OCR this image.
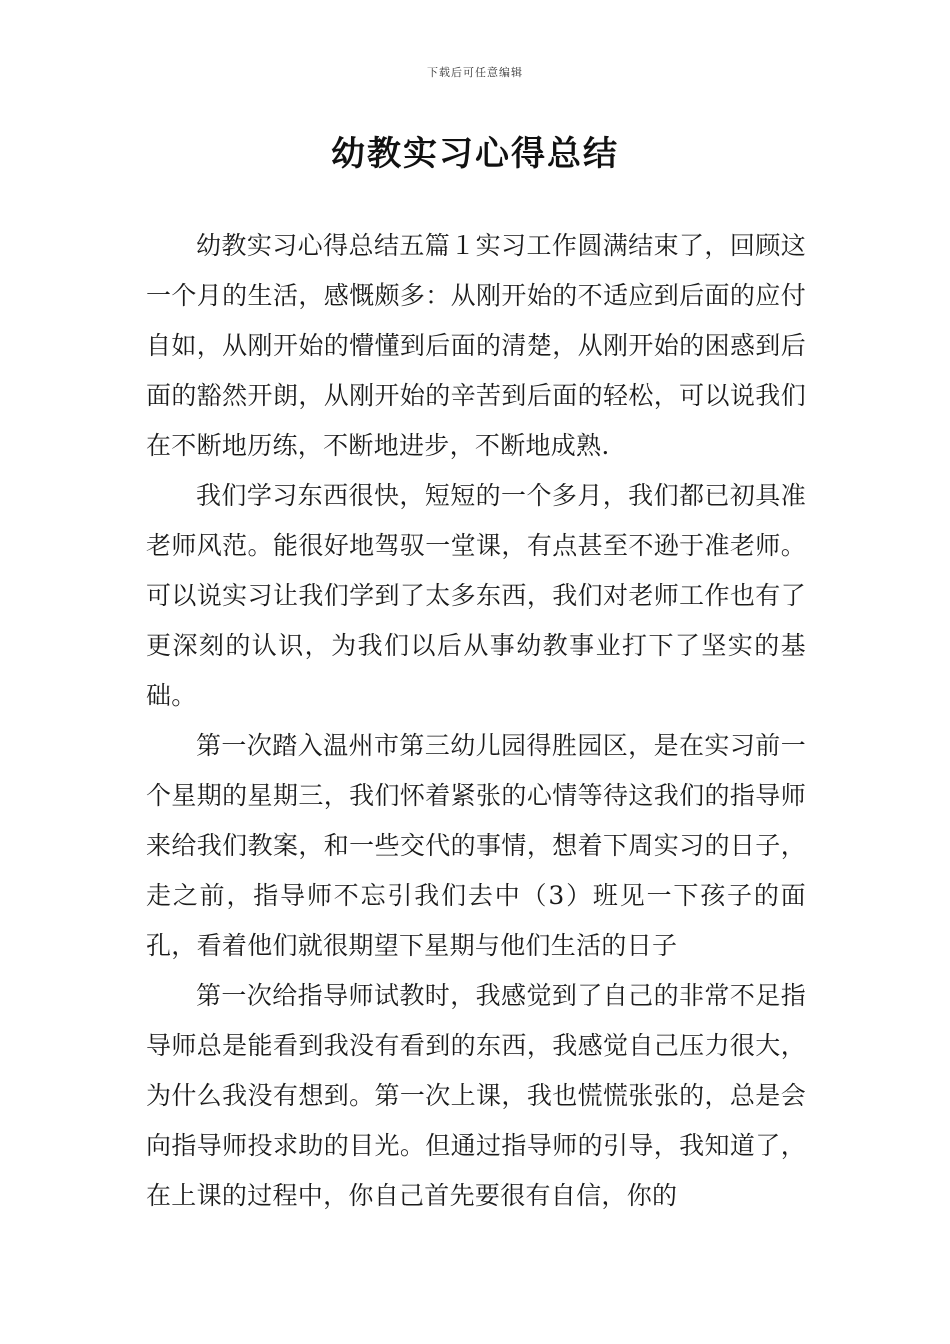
下载后可任意编辑
幼教实习心得总结

幼教实习心得总结五篇１实习工作圆满结束了，回顾这一个月的生活，感慨颇多：从刚开始的不适应到后面的应付自如，从刚开始的懵懂到后面的清楚，从刚开始的困惑到后面的豁然开朗，从刚开始的辛苦到后面的轻松，可以说我们在不断地历练，不断地进步，不断地成熟.

我们学习东西很快，短短的一个多月，我们都已初具准老师风范。能很好地驾驭一堂课，有点甚至不逊于准老师。可以说实习让我们学到了太多东西，我们对老师工作也有了更深刻的认识，为我们以后从事幼教事业打下了坚实的基础。

第一次踏入温州市第三幼儿园得胜园区，是在实习前一个星期的星期三，我们怀着紧张的心情等待这我们的指导师来给我们教案，和一些交代的事情，想着下周实习的日子，走之前，指导师不忘引我们去中（3）班见一下孩子的面孔，看着他们就很期望下星期与他们生活的日子

第一次给指导师试教时，我感觉到了自己的非常不足指导师总是能看到我没有看到的东西，我感觉自己压力很大，为什么我没有想到。第一次上课，我也慌慌张张的，总是会向指导师投求助的目光。但通过指导师的引导，我知道了，在上课的过程中，你自己首先要很有自信，你的
